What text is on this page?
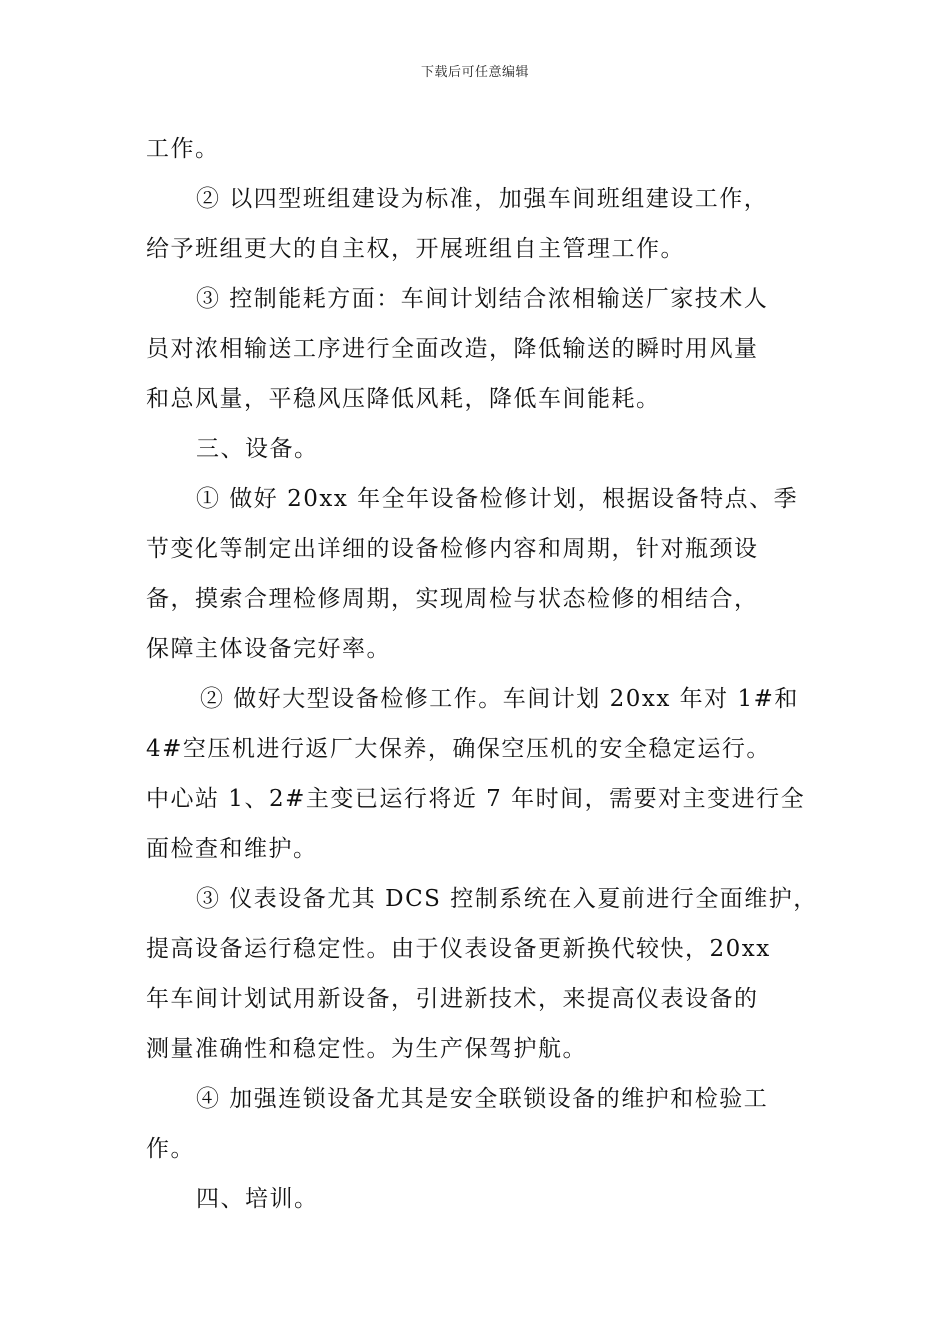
下载后可任意编辑
工作。
② 以四型班组建设为标准，加强车间班组建设工作，
给予班组更大的自主权，开展班组自主管理工作。
③ 控制能耗方面：车间计划结合浓相输送厂家技术人
员对浓相输送工序进行全面改造，降低输送的瞬时用风量
和总风量，平稳风压降低风耗，降低车间能耗。
三、设备。
① 做好 20xx 年全年设备检修计划，根据设备特点、季
节变化等制定出详细的设备检修内容和周期，针对瓶颈设
备，摸索合理检修周期，实现周检与状态检修的相结合，
保障主体设备完好率。
② 做好大型设备检修工作。车间计划 20xx 年对 1#和
4#空压机进行返厂大保养，确保空压机的安全稳定运行。
中心站 1、2#主变已运行将近 7 年时间，需要对主变进行全
面检查和维护。
③ 仪表设备尤其 DCS 控制系统在入夏前进行全面维护，
提高设备运行稳定性。由于仪表设备更新换代较快，20xx
年车间计划试用新设备，引进新技术，来提高仪表设备的
测量准确性和稳定性。为生产保驾护航。
④ 加强连锁设备尤其是安全联锁设备的维护和检验工
作。
四、培训。
